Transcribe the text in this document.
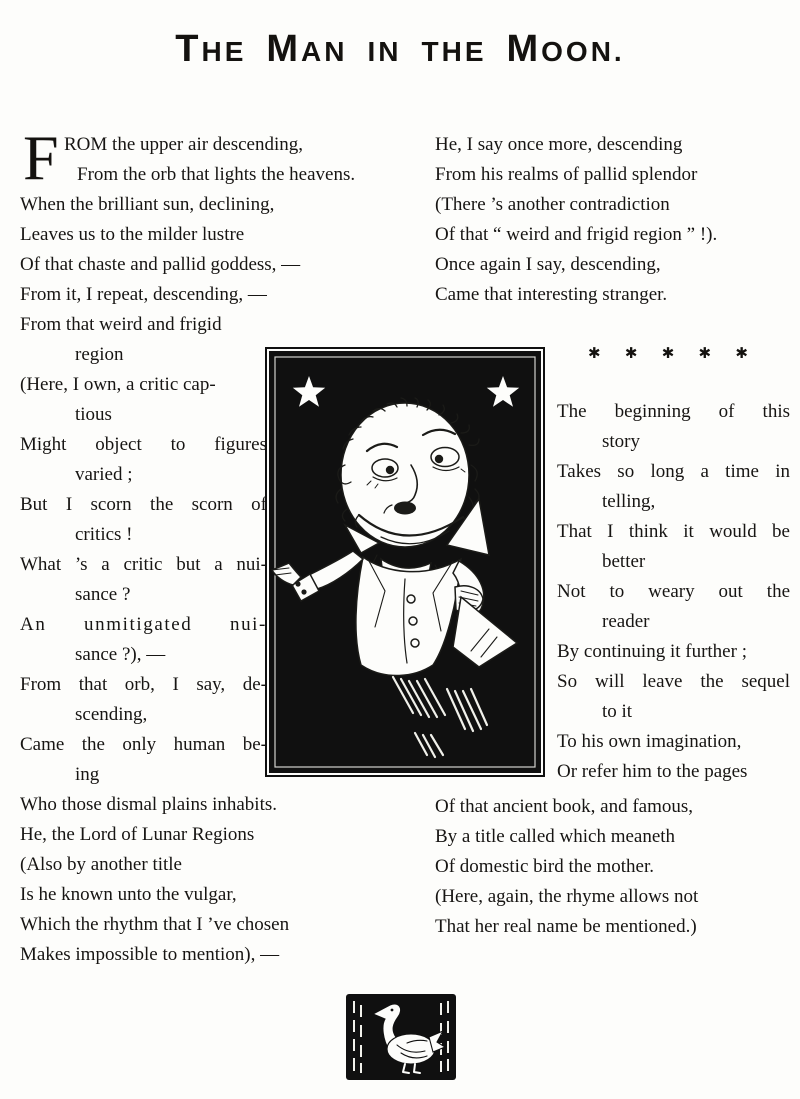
THE MAN IN THE MOON.
F ROM the upper air descending,
From the orb that lights the heavens.
When the brilliant sun, declining,
Leaves us to the milder lustre
Of that chaste and pallid goddess, —
From it, I repeat, descending, —
From that weird and frigid
region
(Here, I own, a critic cap-
tious
Might object to figures
varied ;
But I scorn the scorn of
critics !
What ’s a critic but a nui-
sance ?
An unmitigated nui-
sance ?), —
From that orb, I say, de-
scending,
Came the only human be-
ing
Who those dismal plains inhabits.
He, the Lord of Lunar Regions
(Also by another title
Is he known unto the vulgar,
Which the rhythm that I ’ve chosen
Makes impossible to mention), —
He, I say once more, descending
From his realms of pallid splendor
(There ’s another contradiction
Of that “ weird and frigid region ” !).
Once again I say, descending,
Came that interesting stranger.
✱ ✱ ✱ ✱ ✱
The beginning of this
story
Takes so long a time in
telling,
That I think it would be
better
Not to weary out the
reader
By continuing it further ;
So will leave the sequel
to it
To his own imagination,
Or refer him to the pages
Of that ancient book, and famous,
By a title called which meaneth
Of domestic bird the mother.
(Here, again, the rhyme allows not
That her real name be mentioned.)
